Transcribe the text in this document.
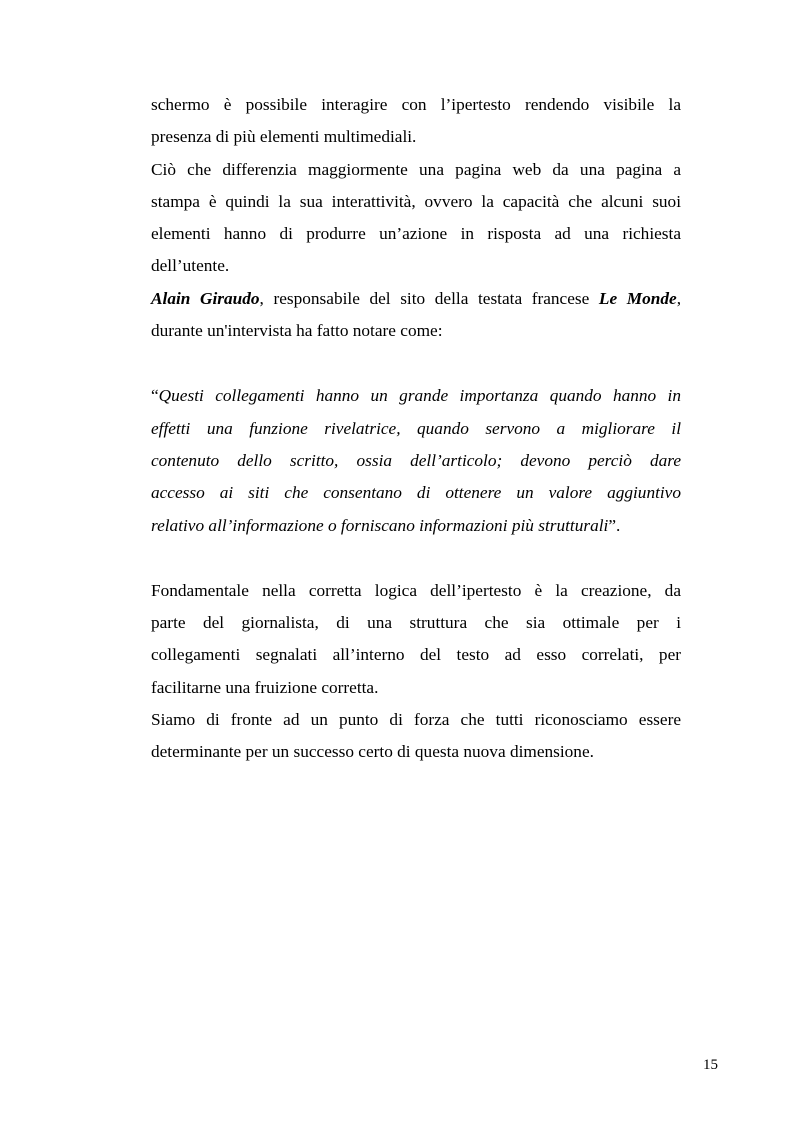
schermo è possibile interagire con l’ipertesto rendendo visibile la
presenza di più elementi multimediali.
Ciò che differenzia maggiormente una pagina web da una pagina a
stampa è quindi la sua interattività, ovvero la capacità che alcuni suoi
elementi hanno di produrre un’azione in risposta ad una richiesta
dell’utente.
Alain Giraudo, responsabile del sito della testata francese Le Monde,
durante un'intervista ha fatto notare come:
“Questi collegamenti hanno un grande importanza quando hanno in
effetti una funzione rivelatrice, quando servono a migliorare il
contenuto dello scritto, ossia dell’articolo; devono perciò dare
accesso ai siti che consentano di ottenere un valore aggiuntivo
relativo all’informazione o forniscano informazioni più strutturali”.
Fondamentale nella corretta logica dell’ipertesto è la creazione, da
parte del giornalista, di una struttura che sia ottimale per i
collegamenti segnalati all’interno del testo ad esso correlati, per
facilitarne una fruizione corretta.
Siamo di fronte ad un punto di forza che tutti riconosciamo essere
determinante per un successo certo di questa nuova dimensione.
15
